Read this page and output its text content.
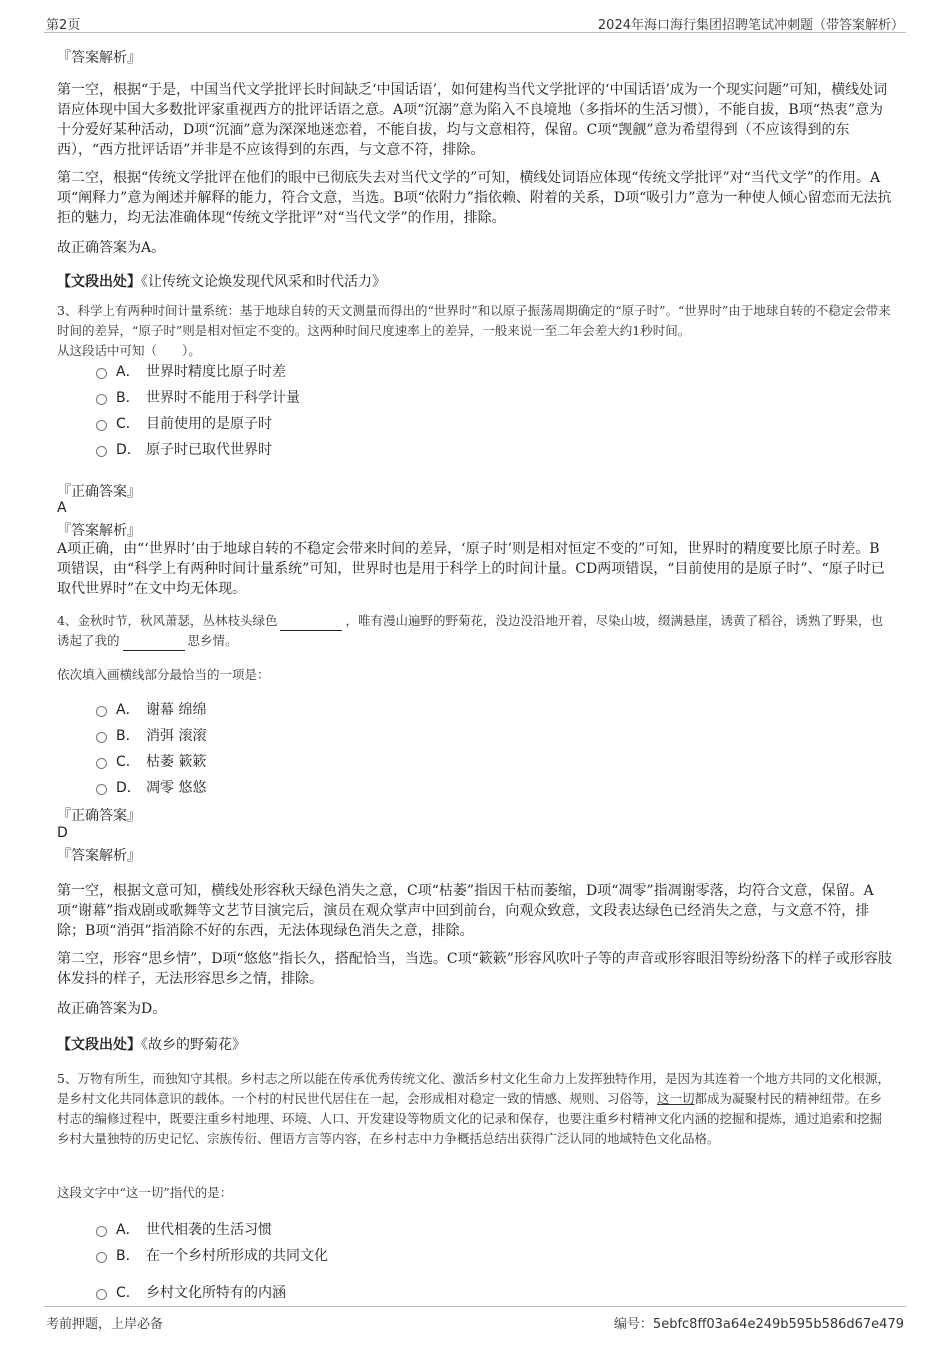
第2页	2024年海口海行集团招聘笔试冲刺题（带答案解析）
『答案解析』
第一空，根据“于是，中国当代文学批评长时间缺乏‘中国话语’，如何建构当代文学批评的‘中国话语’成为一个现实问题”可知，横线处词语应体现中国大多数批评家重视西方的批评话语之意。A项“沉溺”意为陷入不良境地（多指坏的生活习惯），不能自拔，B项“热衷”意为十分爱好某种活动，D项“沉湎”意为深深地迷恋着，不能自拔，均与文意相符，保留。C项“觊觎”意为希望得到（不应该得到的东西），“西方批评话语”并非是不应该得到的东西，与文意不符，排除。
第二空，根据“传统文学批评在他们的眼中已彻底失去对当代文学的”可知，横线处词语应体现“传统文学批评”对“当代文学”的作用。A项“阐释力”意为阐述并解释的能力，符合文意，当选。B项“依附力”指依赖、附着的关系，D项“吸引力”意为一种使人倾心留恋而无法抗拒的魅力，均无法准确体现“传统文学批评”对“当代文学”的作用，排除。
故正确答案为A。
【文段出处】《让传统文论焕发现代风采和时代活力》
3、科学上有两种时间计量系统：基于地球自转的天文测量而得出的“世界时”和以原子振荡周期确定的“原子时”。“世界时”由于地球自转的不稳定会带来时间的差异，“原子时”则是相对恒定不变的。这两种时间尺度速率上的差异，一般来说一至二年会差大约1秒时间。
从这段话中可知（　　）。
A． 世界时精度比原子时差
B． 世界时不能用于科学计量
C． 目前使用的是原子时
D． 原子时已取代世界时
『正确答案』
A
『答案解析』
A项正确，由“‘世界时’由于地球自转的不稳定会带来时间的差异，‘原子时’则是相对恒定不变的”可知，世界时的精度要比原子时差。B项错误，由“科学上有两种时间计量系统”可知，世界时也是用于科学上的时间计量。CD两项错误，“目前使用的是原子时”、“原子时已取代世界时”在文中均无体现。
4、金秋时节，秋风萧瑟，丛林枝头绿色	，唯有漫山遍野的野菊花，没边没沿地开着，尽染山坡，缀满悬崖，诱黄了稻谷，诱熟了野果，也诱起了我的	思乡情。
依次填入画横线部分最恰当的一项是：
A． 谢幕 绵绵
B． 消弭 滚滚
C． 枯萎 簌簌
D． 凋零 悠悠
『正确答案』
D
『答案解析』
第一空，根据文意可知，横线处形容秋天绿色消失之意，C项“枯萎”指因干枯而萎缩，D项“凋零”指凋谢零落，均符合文意，保留。A项“谢幕”指戏剧或歌舞等文艺节目演完后，演员在观众掌声中回到前台，向观众致意，文段表达绿色已经消失之意，与文意不符，排除；B项“消弭”指消除不好的东西，无法体现绿色消失之意，排除。
第二空，形容“思乡情”，D项“悠悠”指长久，搭配恰当，当选。C项“簌簌”形容风吹叶子等的声音或形容眼泪等纷纷落下的样子或形容肢体发抖的样子，无法形容思乡之情，排除。
故正确答案为D。
【文段出处】《故乡的野菊花》
5、万物有所生，而独知守其根。乡村志之所以能在传承优秀传统文化、激活乡村文化生命力上发挥独特作用，是因为其连着一个地方共同的文化根源，是乡村文化共同体意识的载体。一个村的村民世代居住在一起，会形成相对稳定一致的情感、规则、习俗等，这一切都成为凝聚村民的精神纽带。在乡村志的编修过程中，既要注重乡村地理、环境、人口、开发建设等物质文化的记录和保存，也要注重乡村精神文化内涵的挖掘和提炼，通过追索和挖掘乡村大量独特的历史记忆、宗族传衍、俚语方言等内容，在乡村志中力争概括总结出获得广泛认同的地域特色文化品格。
这段文字中“这一切”指代的是：
A． 世代相袭的生活习惯
B． 在一个乡村所形成的共同文化
C． 乡村文化所特有的内涵
考前押题，上岸必备	编号：5ebfc8ff03a64e249b595b586d67e479
